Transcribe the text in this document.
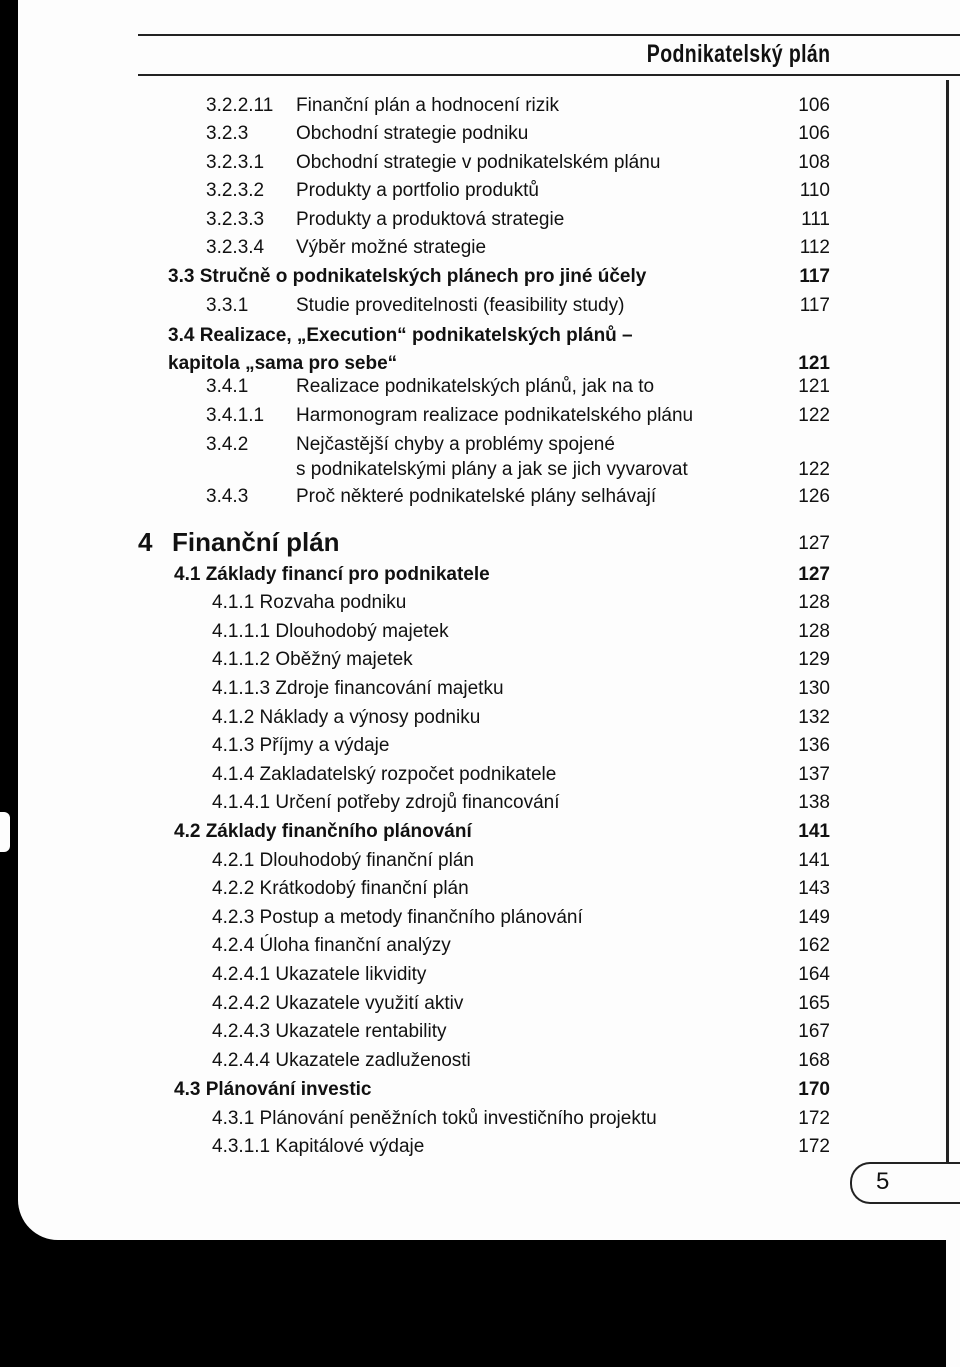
Podnikatelský plán
3.2.2.11 Finanční plán a hodnocení rizik	106
3.2.3	Obchodní strategie podniku	106
3.2.3.1 Obchodní strategie v podnikatelském plánu	108
3.2.3.2 Produkty a portfolio produktů	110
3.2.3.3 Produkty a produktová strategie	111
3.2.3.4 Výběr možné strategie	112
3.3 Stručně o podnikatelských plánech pro jiné účely	117
3.3.1	Studie proveditelnosti (feasibility study)	117
3.4 Realizace, „Execution“ podnikatelských plánů –
kapitola „sama pro sebe“	121
3.4.1	Realizace podnikatelských plánů, jak na to	121
3.4.1.1 Harmonogram realizace podnikatelského plánu	122
3.4.2	Nejčastější chyby a problémy spojené
s podnikatelskými plány a jak se jich vyvarovat	122
3.4.3	Proč některé podnikatelské plány selhávají	126
4 Finanční plán	127
4.1 Základy financí pro podnikatele	127
4.1.1 Rozvaha podniku	128
4.1.1.1 Dlouhodobý majetek	128
4.1.1.2 Oběžný majetek	129
4.1.1.3 Zdroje financování majetku	130
4.1.2 Náklady a výnosy podniku	132
4.1.3 Příjmy a výdaje	136
4.1.4 Zakladatelský rozpočet podnikatele	137
4.1.4.1 Určení potřeby zdrojů financování	138
4.2 Základy finančního plánování	141
4.2.1 Dlouhodobý finanční plán	141
4.2.2 Krátkodobý finanční plán	143
4.2.3 Postup a metody finančního plánování	149
4.2.4 Úloha finanční analýzy	162
4.2.4.1 Ukazatele likvidity	164
4.2.4.2 Ukazatele využití aktiv	165
4.2.4.3 Ukazatele rentability	167
4.2.4.4 Ukazatele zadluženosti	168
4.3 Plánování investic	170
4.3.1 Plánování peněžních toků investičního projektu	172
4.3.1.1 Kapitálové výdaje	172
5
